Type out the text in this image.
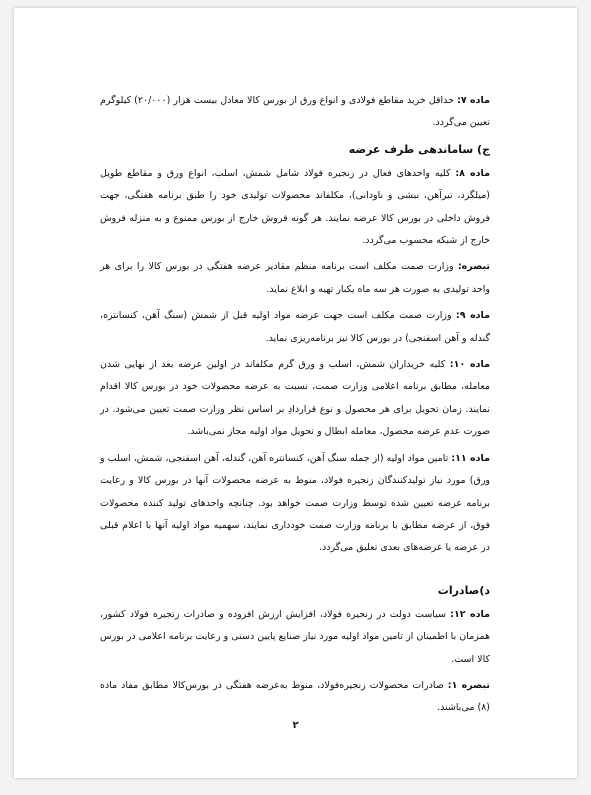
ماده ۷: حداقل خرید مقاطع فولادی و انواع ورق از بورس کالا معادل بیست هزار (۲۰/۰۰۰) کیلوگرم تعیین می‌گردد.

ج) ساماندهی طرف عرضه

ماده ۸: کلیه واحدهای فعال در زنجیره فولاد شامل شمش، اسلب، انواع ورق و مقاطع طویل (میلگرد، تیرآهن، نبشی و ناودانی)، مکلفاند محصولات تولیدی خود را طبق برنامه هفتگی، جهت فروش داخلی در بورس کالا عرضه نمایند. هر گونه فروش خارج از بورس ممنوع و به منزله فروش خارج از شبکه محسوب می‌گردد.

تبصره: وزارت صمت مکلف است برنامه منظم مقادیر عرضه هفتگی در بورس کالا را برای هر واحد تولیدی به صورت هر سه ماه یکبار تهیه و ابلاغ نماید.

ماده ۹: وزارت صمت مکلف است جهت عرضه مواد اولیه قبل از شمش (سنگ آهن، کنسانتره، گندله و آهن اسفنجی) در بورس کالا نیز برنامه‌ریزی نماید.

ماده ۱۰: کلیه خریداران شمش، اسلب و ورق گرم مکلفاند در اولین عرضه بعد از نهایی شدن معامله، مطابق برنامه اعلامی وزارت صمت، نسبت به عرضه محصولات خود در بورس کالا اقدام نمایند. زمان تحویل برای هر محصول و نوع قراردادِ بر اساس نظر وزارت صمت تعیین می‌شود. در صورت عدم عرضه محصول، معامله ابطال و تحویل مواد اولیه مجاز نمی‌باشد.

ماده ۱۱: تامین مواد اولیه (از جمله سنگ آهن، کنسانتره آهن، گندله، آهن اسفنجی، شمش، اسلب و ورق) مورد نیاز تولیدکنندگان زنجیره فولاد، منوط به عرضه محصولات آنها در بورس کالا و رعایت برنامه عرضه تعیین شده توسط وزارت صمت خواهد بود. چنانچه واحدهای تولید کننده محصولات فوق، از عرضه مطابق با برنامه وزارت صمت خودداری نمایند، سهمیه مواد اولیه آنها با اعلام قبلی در عرضه یا عرضه‌های بعدی تعلیق می‌گردد.

د)صادرات

ماده ۱۲: سیاست دولت در زنجیره فولاد، افزایش ارزش افزوده و صادرات زنجیره فولاد کشور، همزمان با اطمینان از تامین مواد اولیه مورد نیاز صنایع پایین دستی و رعایت برنامه اعلامی در بورس کالا است.

تبصره ۱: صادرات محصولات زنجیره‌فولاد، منوط به‌عرضه هفتگی در بورس‌کالا مطابق مفاد ماده (۸) می‌باشند.

۲
